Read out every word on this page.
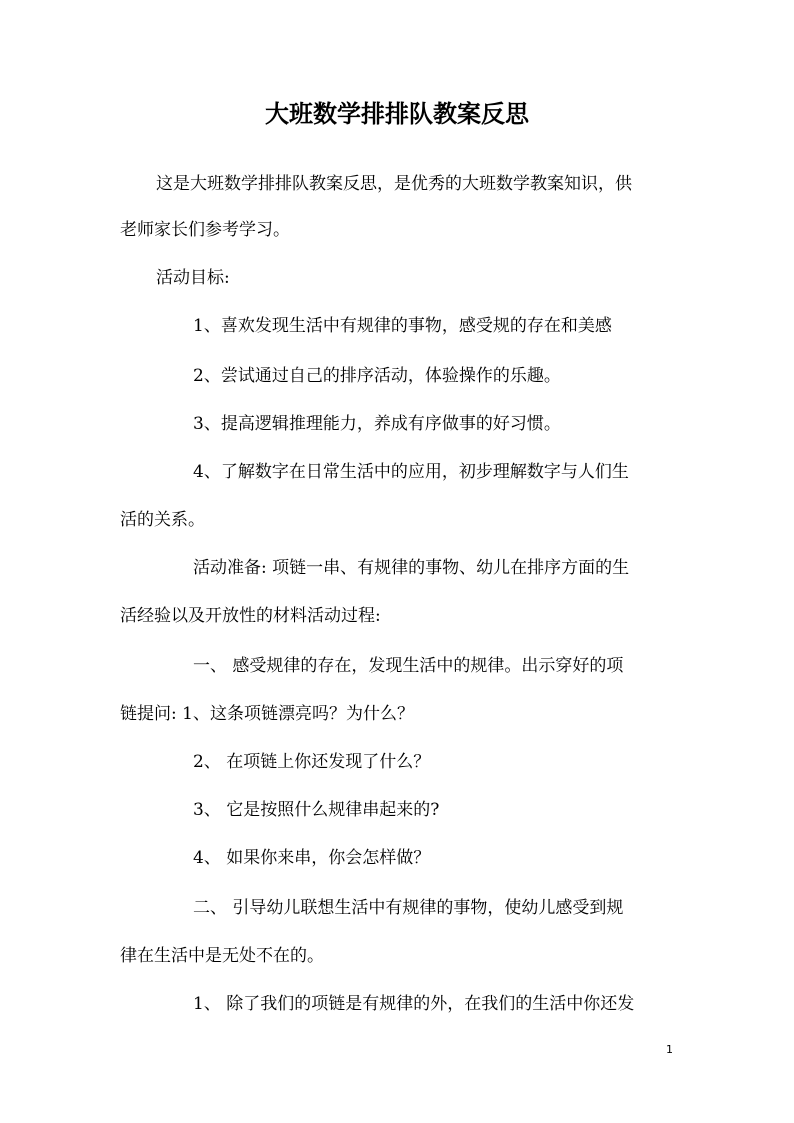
大班数学排排队教案反思

这是大班数学排排队教案反思，是优秀的大班数学教案知识，供

老师家长们参考学习。

活动目标:

1、喜欢发现生活中有规律的事物，感受规的存在和美感

2、尝试通过自己的排序活动，体验操作的乐趣。

3、提高逻辑推理能力，养成有序做事的好习惯。

4、了解数字在日常生活中的应用，初步理解数字与人们生

活的关系。

活动准备: 项链一串、有规律的事物、幼儿在排序方面的生

活经验以及开放性的材料活动过程:

一、 感受规律的存在，发现生活中的规律。出示穿好的项

链提问: 1、这条项链漂亮吗？为什么？

2、 在项链上你还发现了什么？

3、 它是按照什么规律串起来的?

4、 如果你来串，你会怎样做？

二、 引导幼儿联想生活中有规律的事物，使幼儿感受到规

律在生活中是无处不在的。

1、 除了我们的项链是有规律的外，在我们的生活中你还发

1
